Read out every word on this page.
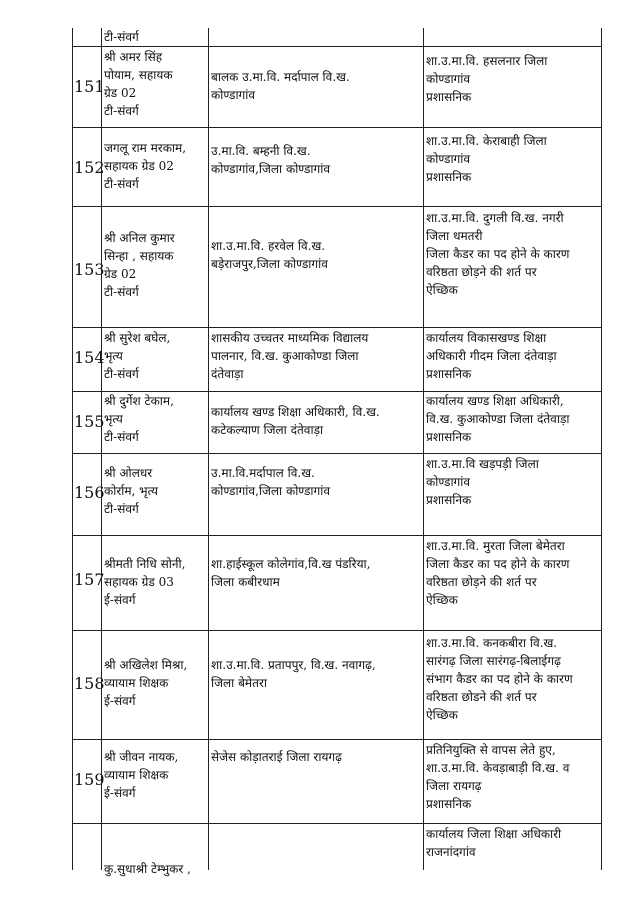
टी-संवर्ग
151
श्री अमर सिंह
पोयाम, सहायक
ग्रेड 02
टी-संवर्ग
बालक उ.मा.वि. मर्दापाल वि.ख.
कोण्डागांव
शा.उ.मा.वि. हसलनार जिला
कोण्डागांव
प्रशासनिक
152
जगलू राम मरकाम,
सहायक ग्रेड 02
टी-संवर्ग
उ.मा.वि. बम्हनी वि.ख.
कोण्डागांव,जिला कोण्डागांव
शा.उ.मा.वि. केराबाही जिला
कोण्डागांव
प्रशासनिक
153
श्री अनिल कुमार
सिन्हा , सहायक
ग्रेड 02
टी-संवर्ग
शा.उ.मा.वि. हरवेल वि.ख.
बड़ेराजपुर,जिला कोण्डागांव
शा.उ.मा.वि. दुगली वि.ख. नगरी
जिला धमतरी
जिला कैडर का पद होने के कारण
वरिष्ठता छोड़ने की शर्त पर
ऐच्छिक
154
श्री सुरेश बघेल,
भृत्य
टी-संवर्ग
शासकीय उच्चतर माध्यमिक विद्यालय
पालनार, वि.ख. कुआकोण्डा जिला
दंतेवाड़ा
कार्यालय विकासखण्ड शिक्षा
अधिकारी गीदम जिला दंतेवाड़ा
प्रशासनिक
155
श्री दुर्गेश टेकाम,
भृत्य
टी-संवर्ग
कार्यालय खण्ड शिक्षा अधिकारी, वि.ख.
कटेकल्याण जिला दंतेवाड़ा
कार्यालय खण्ड शिक्षा अधिकारी,
वि.ख. कुआकोण्डा जिला दंतेवाड़ा
प्रशासनिक
156
श्री ओलधर
कोर्राम, भृत्य
टी-संवर्ग
उ.मा.वि.मर्दापाल वि.ख.
कोण्डागांव,जिला कोण्डागांव
शा.उ.मा.वि खड़पड़ी जिला
कोण्डागांव
प्रशासनिक
157
श्रीमती निधि सोनी,
सहायक ग्रेड 03
ई-संवर्ग
शा.हाईस्कूल कोलेगांव,वि.ख पंडरिया,
जिला कबीरधाम
शा.उ.मा.वि. मुरता जिला बेमेतरा
जिला कैडर का पद होने के कारण
वरिष्ठता छोड़ने की शर्त पर
ऐच्छिक
158
श्री अखिलेश मिश्रा,
व्यायाम शिक्षक
ई-संवर्ग
शा.उ.मा.वि. प्रतापपुर, वि.ख. नवागढ़,
जिला बेमेतरा
शा.उ.मा.वि. कनकबीरा वि.ख.
सारंगढ़ जिला सारंगढ़-बिलाईगढ़
संभाग कैडर का पद होने के कारण
वरिष्ठता छोडने की शर्त पर
ऐच्छिक
159
श्री जीवन नायक,
व्यायाम शिक्षक
ई-संवर्ग
सेजेस कोड़ातराई जिला रायगढ़	प्रतिनियुक्ति से वापस लेते हुए,
शा.उ.मा.वि. केवड़ाबाड़ी वि.ख. व
जिला रायगढ़
प्रशासनिक

कु.सुधाश्री टेम्भुकर ,
कार्यालय जिला शिक्षा अधिकारी
राजनांदगांव
